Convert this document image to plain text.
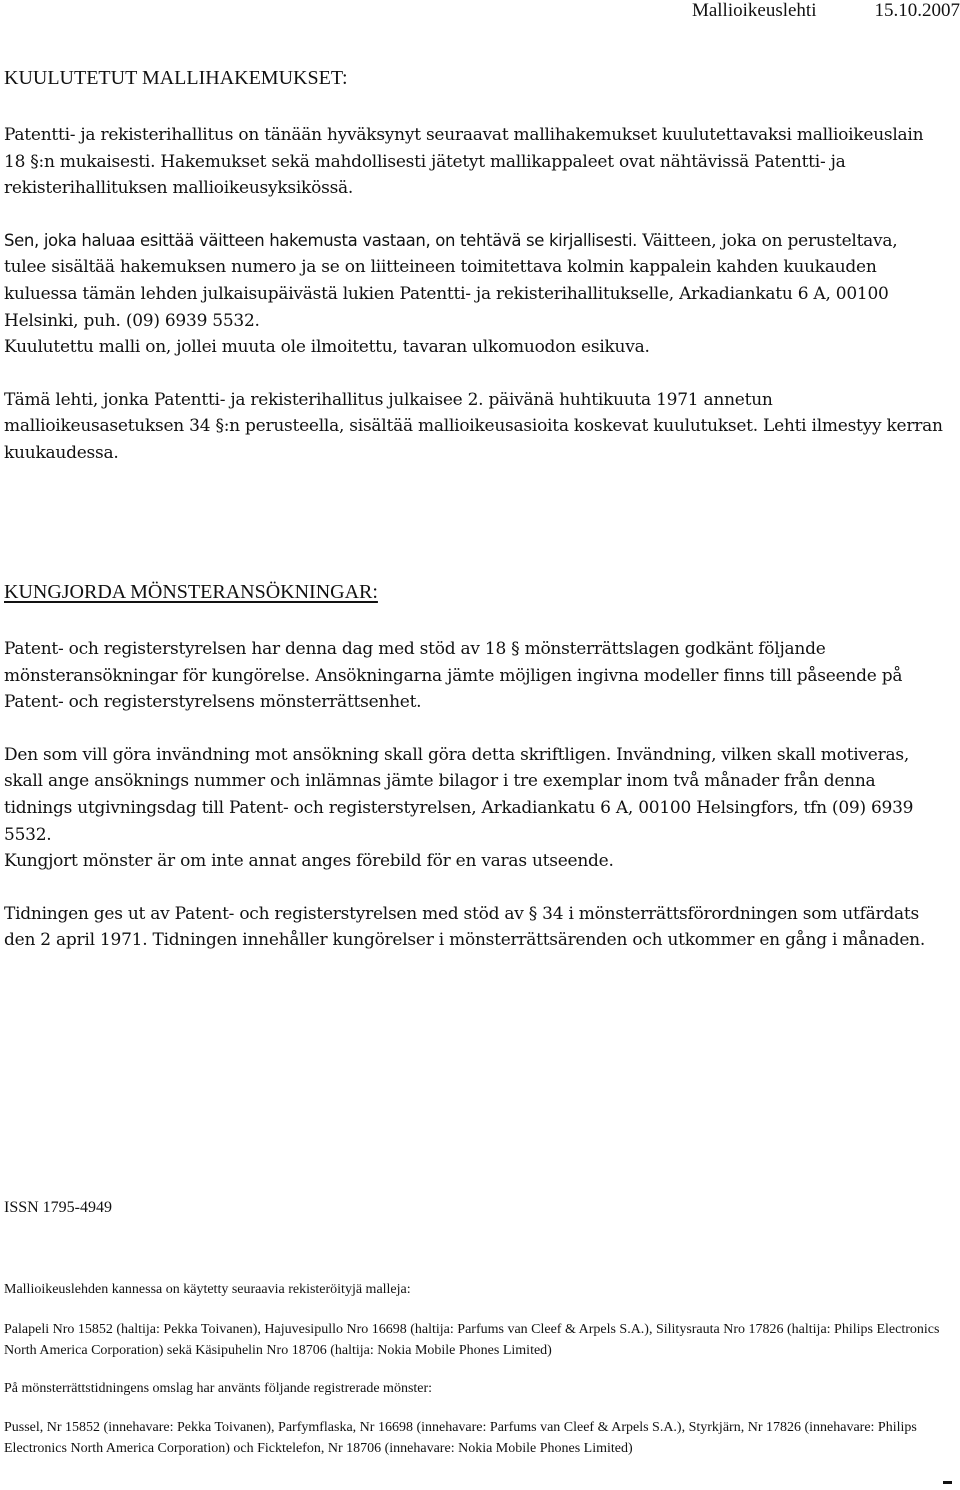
Mallioikeuslehti	15.10.2007
KUULUTETUT MALLIHAKEMUKSET:

Patentti- ja rekisterihallitus on tänään hyväksynyt seuraavat mallihakemukset kuulutettavaksi mallioikeuslain 18 §:n mukaisesti. Hakemukset sekä mahdollisesti jätetyt mallikappaleet ovat nähtävissä Patentti- ja rekisterihallituksen mallioikeusyksikössä.

Sen, joka haluaa esittää väitteen hakemusta vastaan, on tehtävä se kirjallisesti. Väitteen, joka on perusteltava, tulee sisältää hakemuksen numero ja se on liitteineen toimitettava kolmin kappalein kahden kuukauden kuluessa tämän lehden julkaisupäivästä lukien Patentti- ja rekisterihallitukselle, Arkadiankatu 6 A, 00100 Helsinki, puh. (09) 6939 5532.

Kuulutettu malli on, jollei muuta ole ilmoitettu, tavaran ulkomuodon esikuva.

Tämä lehti, jonka Patentti- ja rekisterihallitus julkaisee 2. päivänä huhtikuuta 1971 annetun mallioikeusasetuksen 34 §:n perusteella, sisältää mallioikeusasioita koskevat kuulutukset. Lehti ilmestyy kerran kuukaudessa.

KUNGJORDA MÖNSTERANSÖKNINGAR:

Patent- och registerstyrelsen har denna dag med stöd av 18 § mönsterrättslagen godkänt följande mönsteransökningar för kungörelse. Ansökningarna jämte möjligen ingivna modeller finns till påseende på Patent- och registerstyrelsens mönsterrättsenhet.

Den som vill göra invändning mot ansökning skall göra detta skriftligen. Invändning, vilken skall motiveras, skall ange ansöknings nummer och inlämnas jämte bilagor i tre exemplar inom två månader från denna tidnings utgivningsdag till Patent- och registerstyrelsen, Arkadiankatu 6 A, 00100 Helsingfors, tfn (09) 6939 5532.

Kungjort mönster är om inte annat anges förebild för en varas utseende.

Tidningen ges ut av Patent- och registerstyrelsen med stöd av § 34 i mönsterrättsförordningen som utfärdats den 2 april 1971. Tidningen innehåller kungörelser i mönsterrättsärenden och utkommer en gång i månaden.

ISSN 1795-4949

Mallioikeuslehden kannessa on käytetty seuraavia rekisteröityjä malleja:

Palapeli Nro 15852 (haltija: Pekka Toivanen), Hajuvesipullo Nro 16698 (haltija: Parfums van Cleef & Arpels S.A.), Silitysrauta Nro 17826 (haltija: Philips Electronics North America Corporation) sekä Käsipuhelin Nro 18706 (haltija: Nokia Mobile Phones Limited)

På mönsterrättstidningens omslag har använts följande registrerade mönster:

Pussel, Nr 15852 (innehavare: Pekka Toivanen), Parfymflaska, Nr 16698 (innehavare: Parfums van Cleef & Arpels S.A.), Styrkjärn, Nr 17826 (innehavare: Philips Electronics North America Corporation) och Ficktelefon, Nr 18706 (innehavare: Nokia Mobile Phones Limited)
